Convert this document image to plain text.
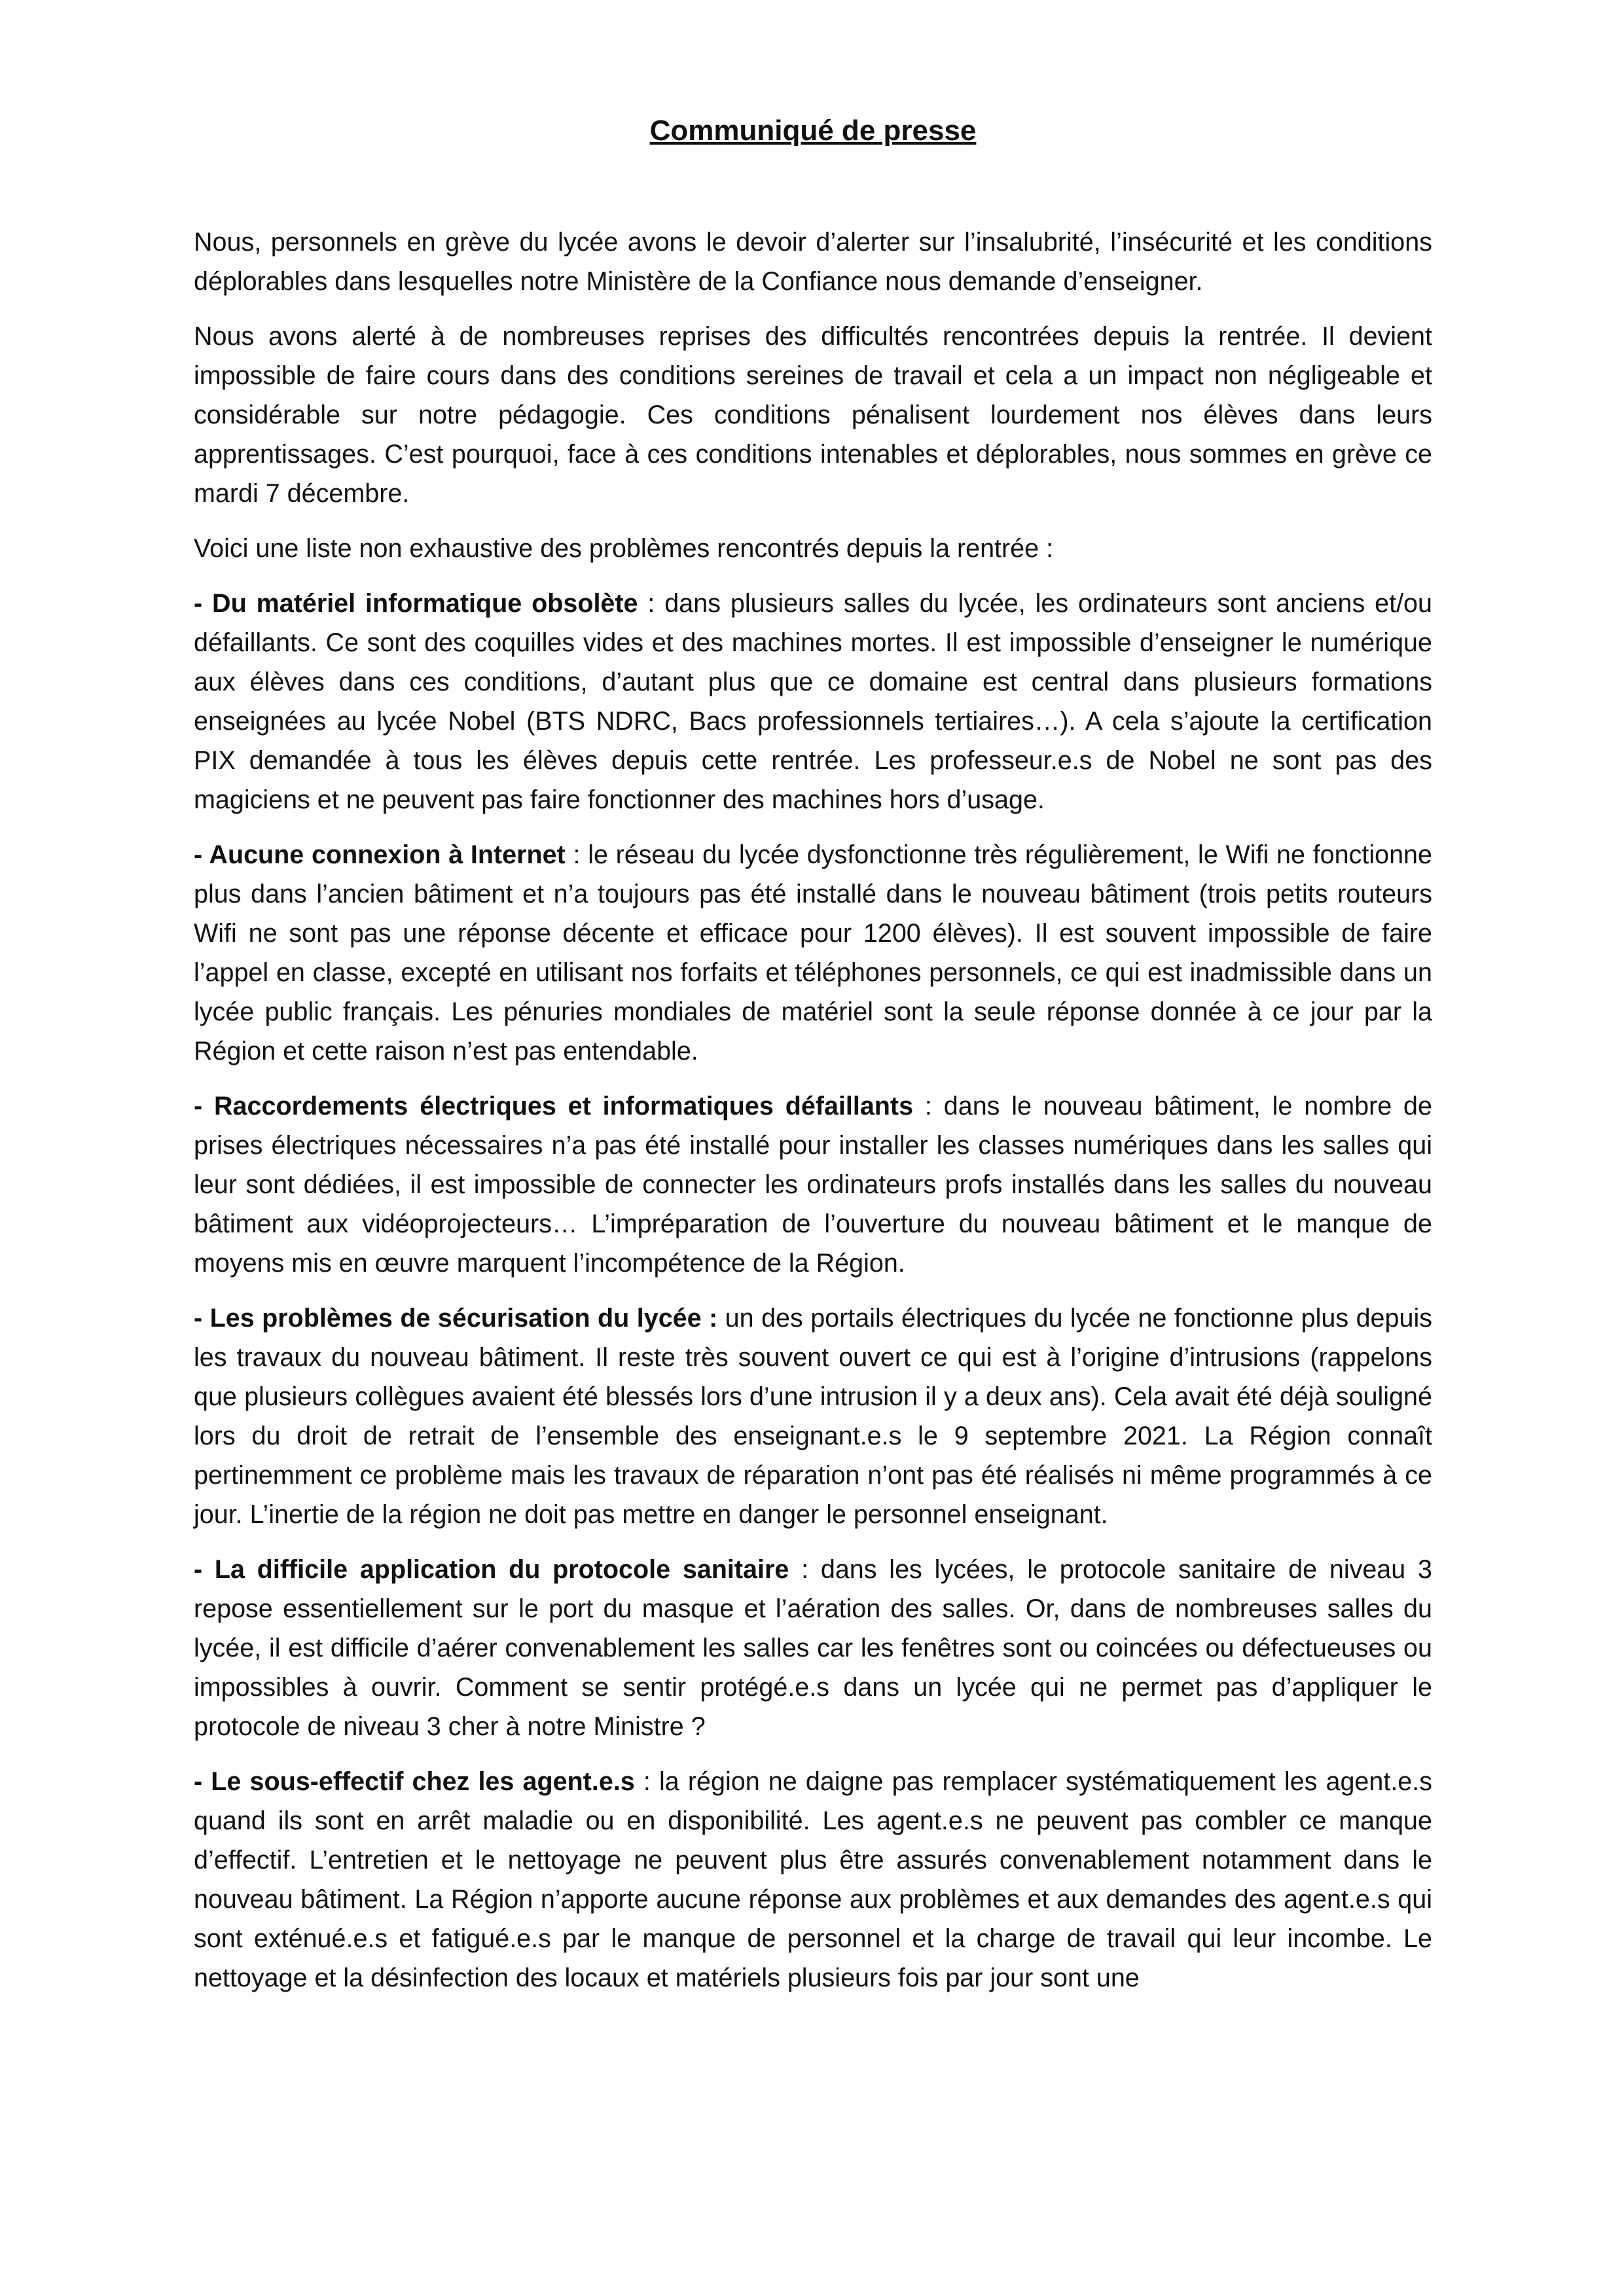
Communiqué de presse

Nous, personnels en grève du lycée avons le devoir d’alerter sur l’insalubrité, l’insécurité et les conditions déplorables dans lesquelles notre Ministère de la Confiance nous demande d’enseigner.

Nous avons alerté à de nombreuses reprises des difficultés rencontrées depuis la rentrée. Il devient impossible de faire cours dans des conditions sereines de travail et cela a un impact non négligeable et considérable sur notre pédagogie. Ces conditions pénalisent lourdement nos élèves dans leurs apprentissages. C’est pourquoi, face à ces conditions intenables et déplorables, nous sommes en grève ce mardi 7 décembre.

Voici une liste non exhaustive des problèmes rencontrés depuis la rentrée :

- Du matériel informatique obsolète : dans plusieurs salles du lycée, les ordinateurs sont anciens et/ou défaillants. Ce sont des coquilles vides et des machines mortes. Il est impossible d’enseigner le numérique aux élèves dans ces conditions, d’autant plus que ce domaine est central dans plusieurs formations enseignées au lycée Nobel (BTS NDRC, Bacs professionnels tertiaires…). A cela s’ajoute la certification PIX demandée à tous les élèves depuis cette rentrée. Les professeur.e.s de Nobel ne sont pas des magiciens et ne peuvent pas faire fonctionner des machines hors d’usage.

- Aucune connexion à Internet : le réseau du lycée dysfonctionne très régulièrement, le Wifi ne fonctionne plus dans l’ancien bâtiment et n’a toujours pas été installé dans le nouveau bâtiment (trois petits routeurs Wifi ne sont pas une réponse décente et efficace pour 1200 élèves). Il est souvent impossible de faire l’appel en classe, excepté en utilisant nos forfaits et téléphones personnels, ce qui est inadmissible dans un lycée public français. Les pénuries mondiales de matériel sont la seule réponse donnée à ce jour par la Région et cette raison n’est pas entendable.

- Raccordements électriques et informatiques défaillants : dans le nouveau bâtiment, le nombre de prises électriques nécessaires n’a pas été installé pour installer les classes numériques dans les salles qui leur sont dédiées, il est impossible de connecter les ordinateurs profs installés dans les salles du nouveau bâtiment aux vidéoprojecteurs… L’impréparation de l’ouverture du nouveau bâtiment et le manque de moyens mis en œuvre marquent l’incompétence de la Région.

- Les problèmes de sécurisation du lycée : un des portails électriques du lycée ne fonctionne plus depuis les travaux du nouveau bâtiment. Il reste très souvent ouvert ce qui est à l’origine d’intrusions (rappelons que plusieurs collègues avaient été blessés lors d’une intrusion il y a deux ans). Cela avait été déjà souligné lors du droit de retrait de l’ensemble des enseignant.e.s le 9 septembre 2021. La Région connaît pertinemment ce problème mais les travaux de réparation n’ont pas été réalisés ni même programmés à ce jour. L’inertie de la région ne doit pas mettre en danger le personnel enseignant.

- La difficile application du protocole sanitaire : dans les lycées, le protocole sanitaire de niveau 3 repose essentiellement sur le port du masque et l’aération des salles. Or, dans de nombreuses salles du lycée, il est difficile d’aérer convenablement les salles car les fenêtres sont ou coincées ou défectueuses ou impossibles à ouvrir. Comment se sentir protégé.e.s dans un lycée qui ne permet pas d’appliquer le protocole de niveau 3 cher à notre Ministre ?

- Le sous-effectif chez les agent.e.s : la région ne daigne pas remplacer systématiquement les agent.e.s quand ils sont en arrêt maladie ou en disponibilité. Les agent.e.s ne peuvent pas combler ce manque d’effectif. L’entretien et le nettoyage ne peuvent plus être assurés convenablement notamment dans le nouveau bâtiment. La Région n’apporte aucune réponse aux problèmes et aux demandes des agent.e.s qui sont exténué.e.s et fatigué.e.s par le manque de personnel et la charge de travail qui leur incombe. Le nettoyage et la désinfection des locaux et matériels plusieurs fois par jour sont une
